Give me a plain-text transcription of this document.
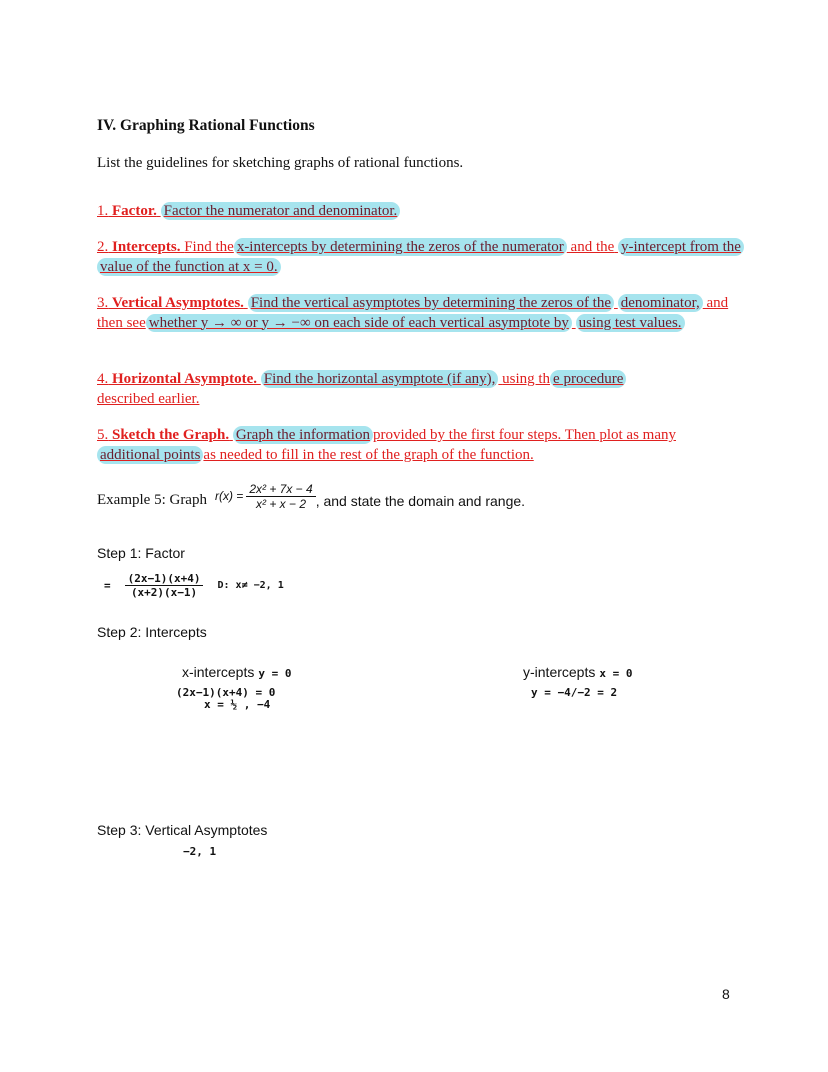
IV. Graphing Rational Functions
List the guidelines for sketching graphs of rational functions.
1. Factor. Factor the numerator and denominator.
2. Intercepts. Find the x-intercepts by determining the zeros of the numerator and the y-intercept from the value of the function at x = 0.
3. Vertical Asymptotes. Find the vertical asymptotes by determining the zeros of the denominator, and then see whether y → ∞ or y → −∞ on each side of each vertical asymptote by using test values.
4. Horizontal Asymptote. Find the horizontal asymptote (if any), using th e procedure
described earlier.
5. Sketch the Graph. Graph the information provided by the first four steps. Then plot as many additional points as needed to fill in the rest of the graph of the function.
Example 5: Graph $r(x) = \frac{\text{2x² + 7x − 4}}{\text{x² + x − 2}}$ , and state the domain and range.
Step 1: Factor
= $\frac{(2x-1)(x+4)}{(x+2)(x-1)} D$: x≠ −2, 1
Step 2: Intercepts
x-intercepts y = 0
(2x−1)(x+4) = 0
x = ½ , −4
y-intercepts x = 0
y = −4/−2 = 2
Step 3: Vertical Asymptotes
−2, 1
8
